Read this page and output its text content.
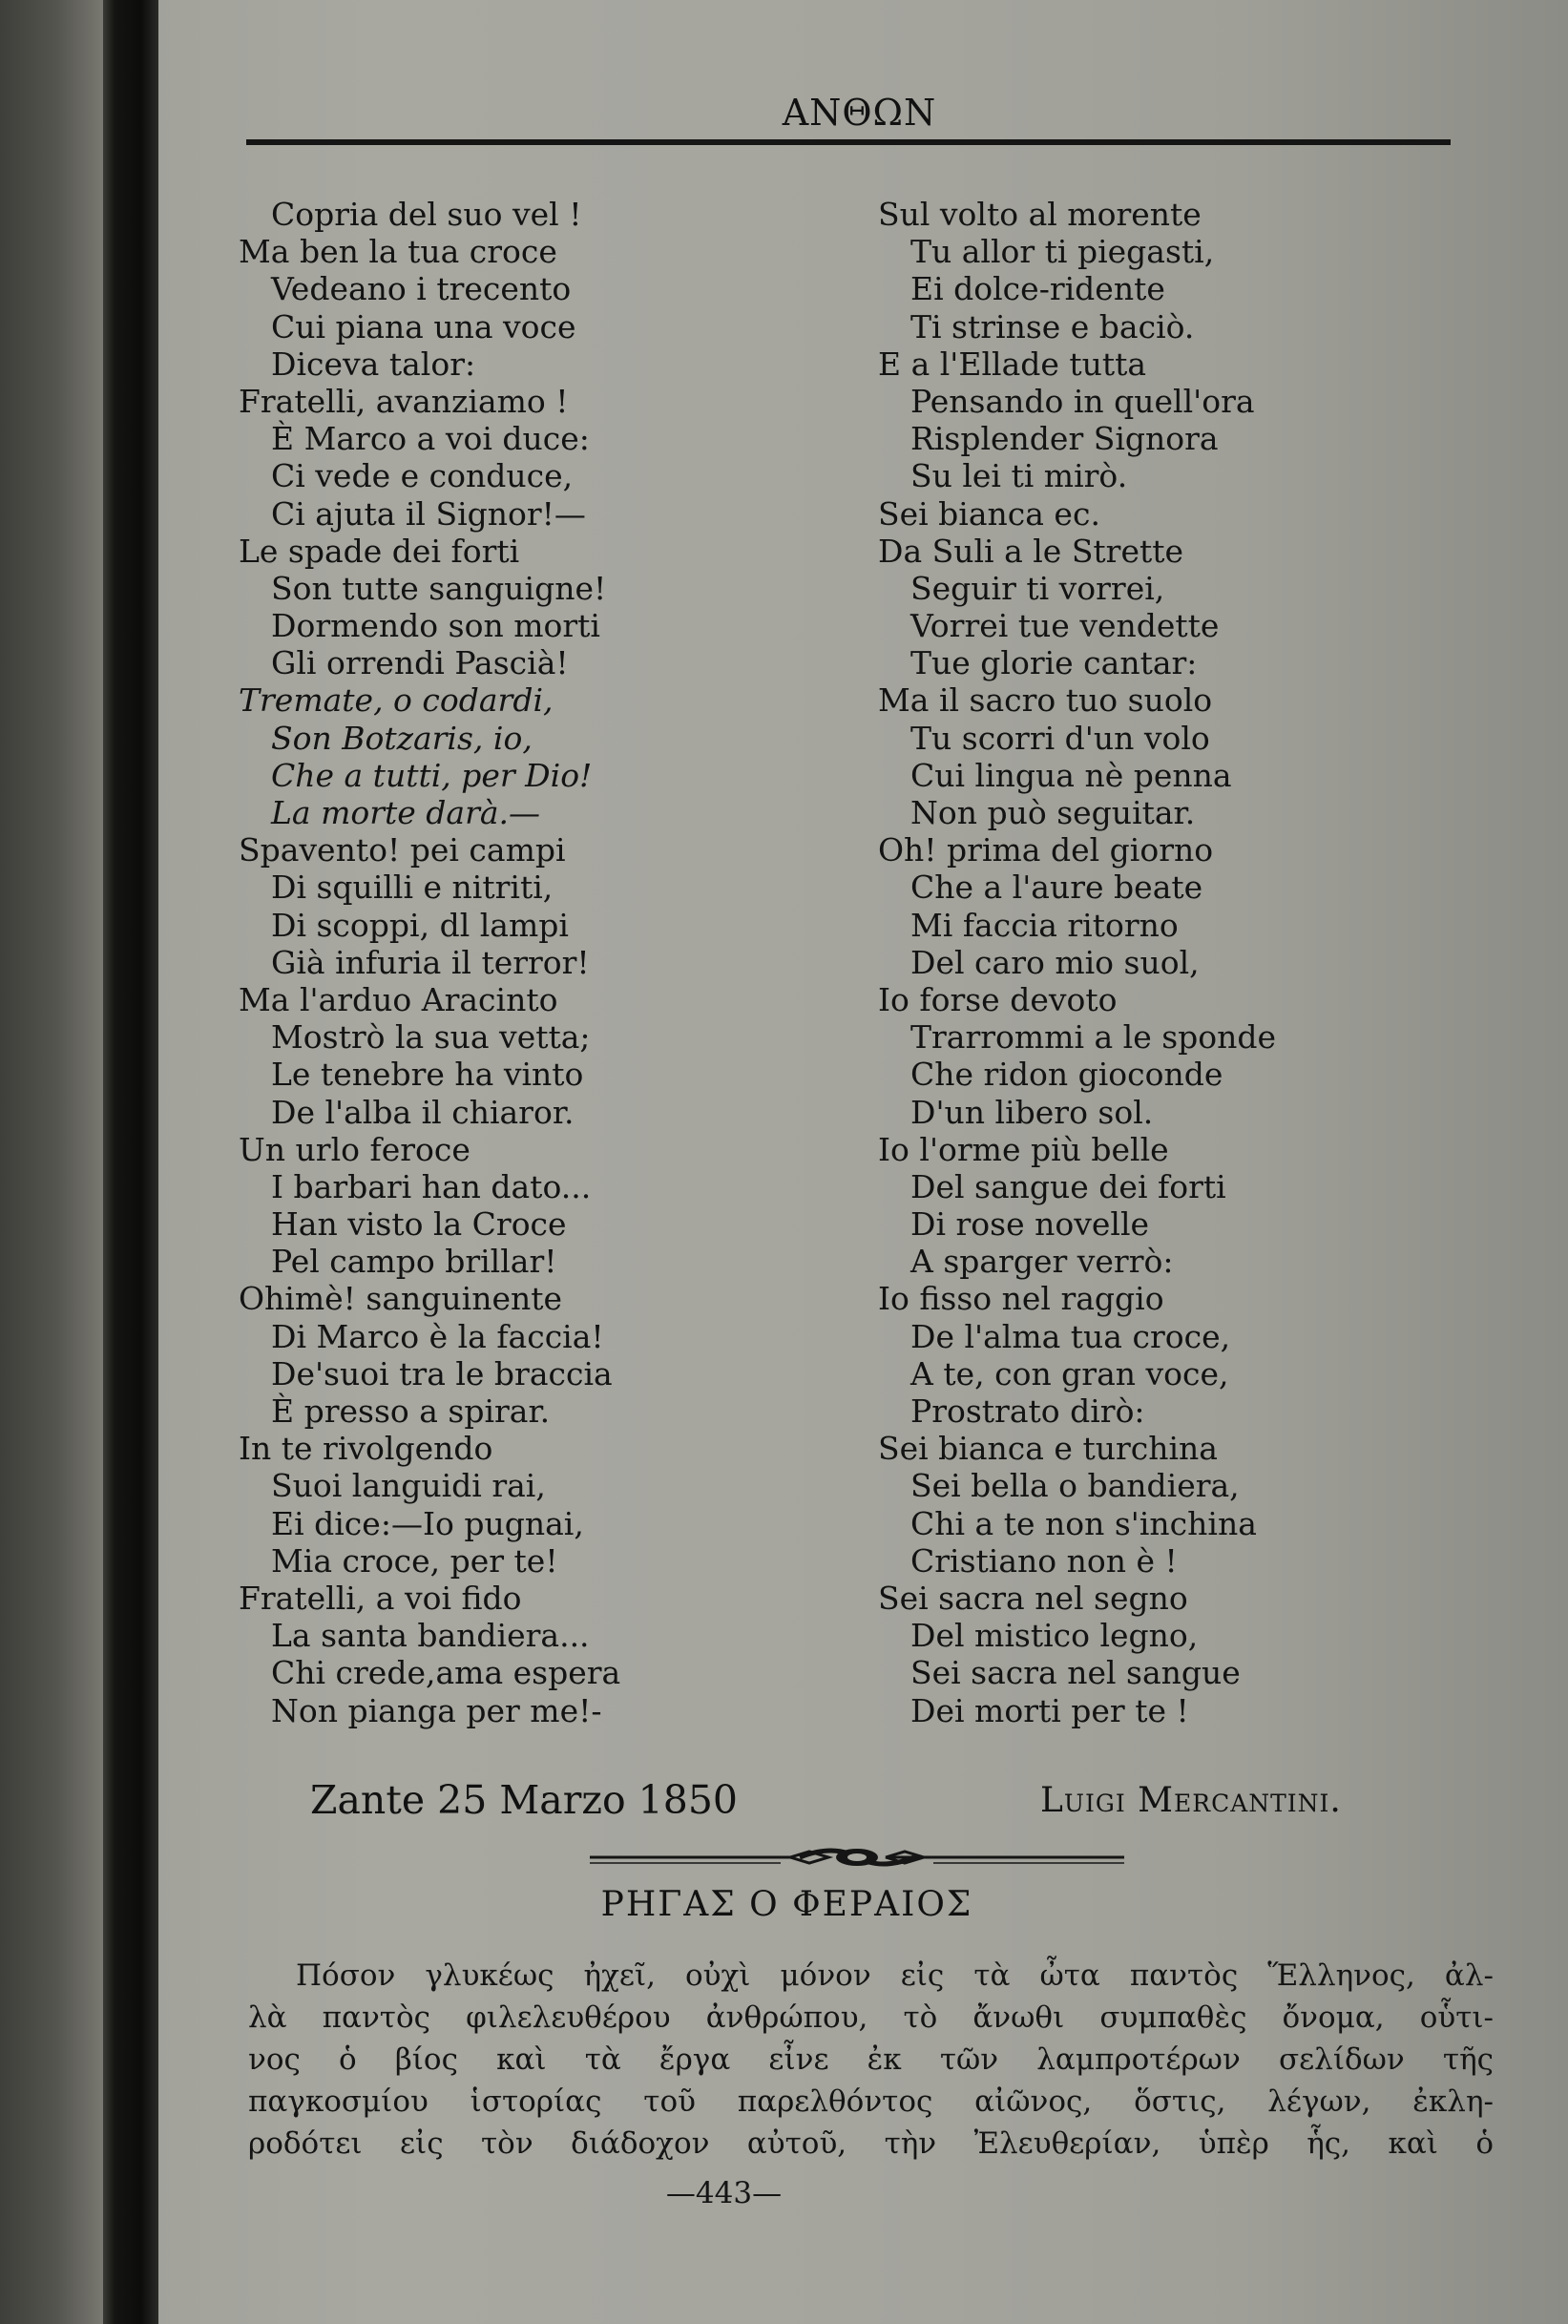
ΑΝΘΩΝ
Copria del suo vel !
Ma ben la tua croce
Vedeano i trecento
Cui piana una voce
Diceva talor:
Fratelli, avanziamo !
È Marco a voi duce:
Ci vede e conduce,
Ci ajuta il Signor!—
Le spade dei forti
Son tutte sanguigne!
Dormendo son morti
Gli orrendi Pascià!
Tremate, o codardi,
Son Botzaris, io,
Che a tutti, per Dio!
La morte darà.—
Spavento! pei campi
Di squilli e nitriti,
Di scoppi, dl lampi
Già infuria il terror!
Ma l'arduo Aracinto
Mostrò la sua vetta;
Le tenebre ha vinto
De l'alba il chiaror.
Un urlo feroce
I barbari han dato...
Han visto la Croce
Pel campo brillar!
Ohimè! sanguinente
Di Marco è la faccia!
De'suoi tra le braccia
È presso a spirar.
In te rivolgendo
Suoi languidi rai,
Ei dice:—Io pugnai,
Mia croce, per te!
Fratelli, a voi fido
La santa bandiera...
Chi crede,ama espera
Non pianga per me!-
Sul volto al morente
Tu allor ti piegasti,
Ei dolce-ridente
Ti strinse e baciò.
E a l'Ellade tutta
Pensando in quell'ora
Risplender Signora
Su lei ti mirò.
Sei bianca ec.
Da Suli a le Strette
Seguir ti vorrei,
Vorrei tue vendette
Tue glorie cantar:
Ma il sacro tuo suolo
Tu scorri d'un volo
Cui lingua nè penna
Non può seguitar.
Oh! prima del giorno
Che a l'aure beate
Mi faccia ritorno
Del caro mio suol,
Io forse devoto
Trarrommi a le sponde
Che ridon gioconde
D'un libero sol.
Io l'orme più belle
Del sangue dei forti
Di rose novelle
A sparger verrò:
Io fisso nel raggio
De l'alma tua croce,
A te, con gran voce,
Prostrato dirò:
Sei bianca e turchina
Sei bella o bandiera,
Chi a te non s'inchina
Cristiano non è !
Sei sacra nel segno
Del mistico legno,
Sei sacra nel sangue
Dei morti per te !
Zante 25 Marzo 1850	Luigi Mercantini.
ΡΗΓΑΣ Ο ΦΕΡΑΙΟΣ
Πόσον γλυκέως ἠχεῖ, οὐχὶ μόνον εἰς τὰ ὦτα παντὸς Ἕλληνος, ἀλ-
λὰ παντὸς φιλελευθέρου ἀνθρώπου, τὸ ἄνωθι συμπαθὲς ὄνομα, οὗτι-
νος ὁ βίος καὶ τὰ ἔργα εἶνε ἐκ τῶν λαμπροτέρων σελίδων τῆς
παγκοσμίου ἱστορίας τοῦ παρελθόντος αἰῶνος, ὅστις, λέγων, ἐκλη-
ροδότει εἰς τὸν διάδοχον αὐτοῦ, τὴν Ἐλευθερίαν, ὑπὲρ ἧς, καὶ ὁ
—443—
